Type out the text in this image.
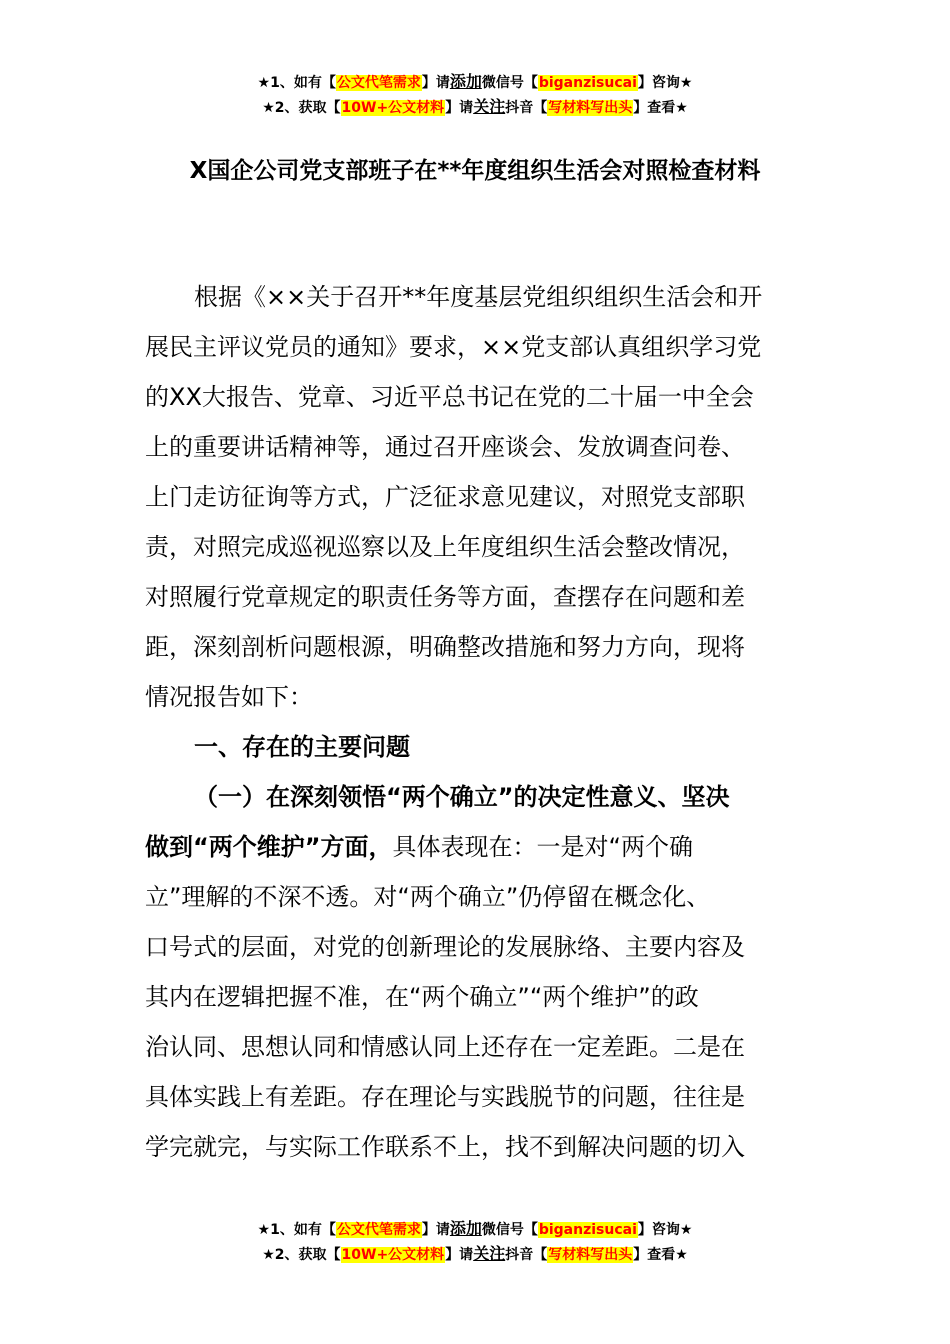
★1、如有【公文代笔需求】请添加微信号【biganzisucai】咨询★
★2、获取【10W+公文材料】请关注抖音【写材料写出头】查看★
X国企公司党支部班子在**年度组织生活会对照检查材料
根据《××关于召开**年度基层党组织组织生活会和开
展民主评议党员的通知》要求，××党支部认真组织学习党
的XX大报告、党章、习近平总书记在党的二十届一中全会
上的重要讲话精神等，通过召开座谈会、发放调查问卷、
上门走访征询等方式，广泛征求意见建议，对照党支部职
责，对照完成巡视巡察以及上年度组织生活会整改情况，
对照履行党章规定的职责任务等方面，查摆存在问题和差
距，深刻剖析问题根源，明确整改措施和努力方向，现将
情况报告如下：
一、存在的主要问题
（一）在深刻领悟“两个确立”的决定性意义、坚决
做到“两个维护”方面，具体表现在：一是对“两个确
立”理解的不深不透。对“两个确立”仍停留在概念化、
口号式的层面，对党的创新理论的发展脉络、主要内容及
其内在逻辑把握不准，在“两个确立”“两个维护”的政
治认同、思想认同和情感认同上还存在一定差距。二是在
具体实践上有差距。存在理论与实践脱节的问题，往往是
学完就完，与实际工作联系不上，找不到解决问题的切入
★1、如有【公文代笔需求】请添加微信号【biganzisucai】咨询★
★2、获取【10W+公文材料】请关注抖音【写材料写出头】查看★
